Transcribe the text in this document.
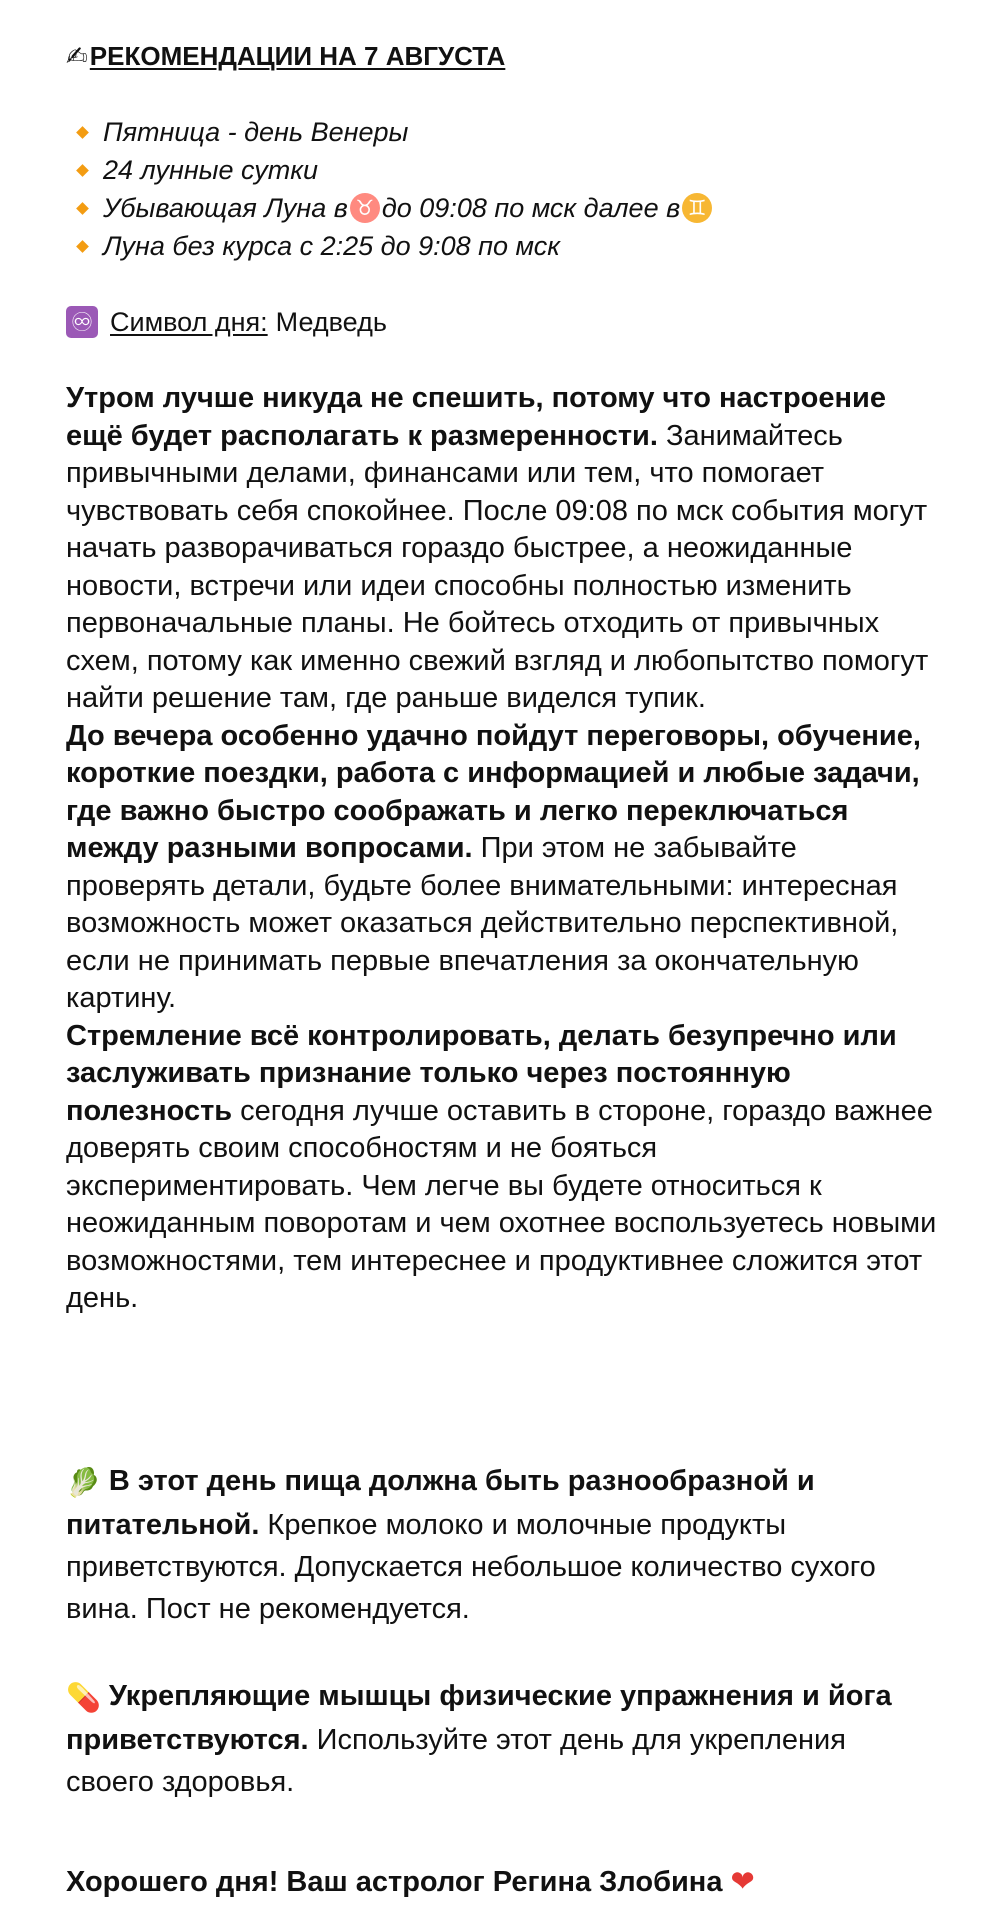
✍РЕКОМЕНДАЦИИ НА 7 АВГУСТА
Пятница - день Венеры
24 лунные сутки
Убывающая Луна в ♉ до 09:08 по мск далее в ♊
Луна без курса с 2:25 до 9:08 по мск
♾ Символ дня: Медведь
Утром лучше никуда не спешить, потому что настроение ещё будет располагать к размеренности. Занимайтесь привычными делами, финансами или тем, что помогает чувствовать себя спокойнее. После 09:08 по мск события могут начать разворачиваться гораздо быстрее, а неожиданные новости, встречи или идеи способны полностью изменить первоначальные планы. Не бойтесь отходить от привычных схем, потому как именно свежий взгляд и любопытство помогут найти решение там, где раньше виделся тупик.
До вечера особенно удачно пойдут переговоры, обучение, короткие поездки, работа с информацией и любые задачи, где важно быстро соображать и легко переключаться между разными вопросами. При этом не забывайте проверять детали, будьте более внимательными: интересная возможность может оказаться действительно перспективной, если не принимать первые впечатления за окончательную картину.
Стремление всё контролировать, делать безупречно или заслуживать признание только через постоянную полезность сегодня лучше оставить в стороне, гораздо важнее доверять своим способностям и не бояться экспериментировать. Чем легче вы будете относиться к неожиданным поворотам и чем охотнее воспользуетесь новыми возможностями, тем интереснее и продуктивнее сложится этот день.
🥬 В этот день пища должна быть разнообразной и питательной. Крепкое молоко и молочные продукты приветствуются. Допускается небольшое количество сухого вина. Пост не рекомендуется.
💊 Укрепляющие мышцы физические упражнения и йога приветствуются. Используйте этот день для укрепления своего здоровья.
Хорошего дня! Ваш астролог Регина Злобина ❤
